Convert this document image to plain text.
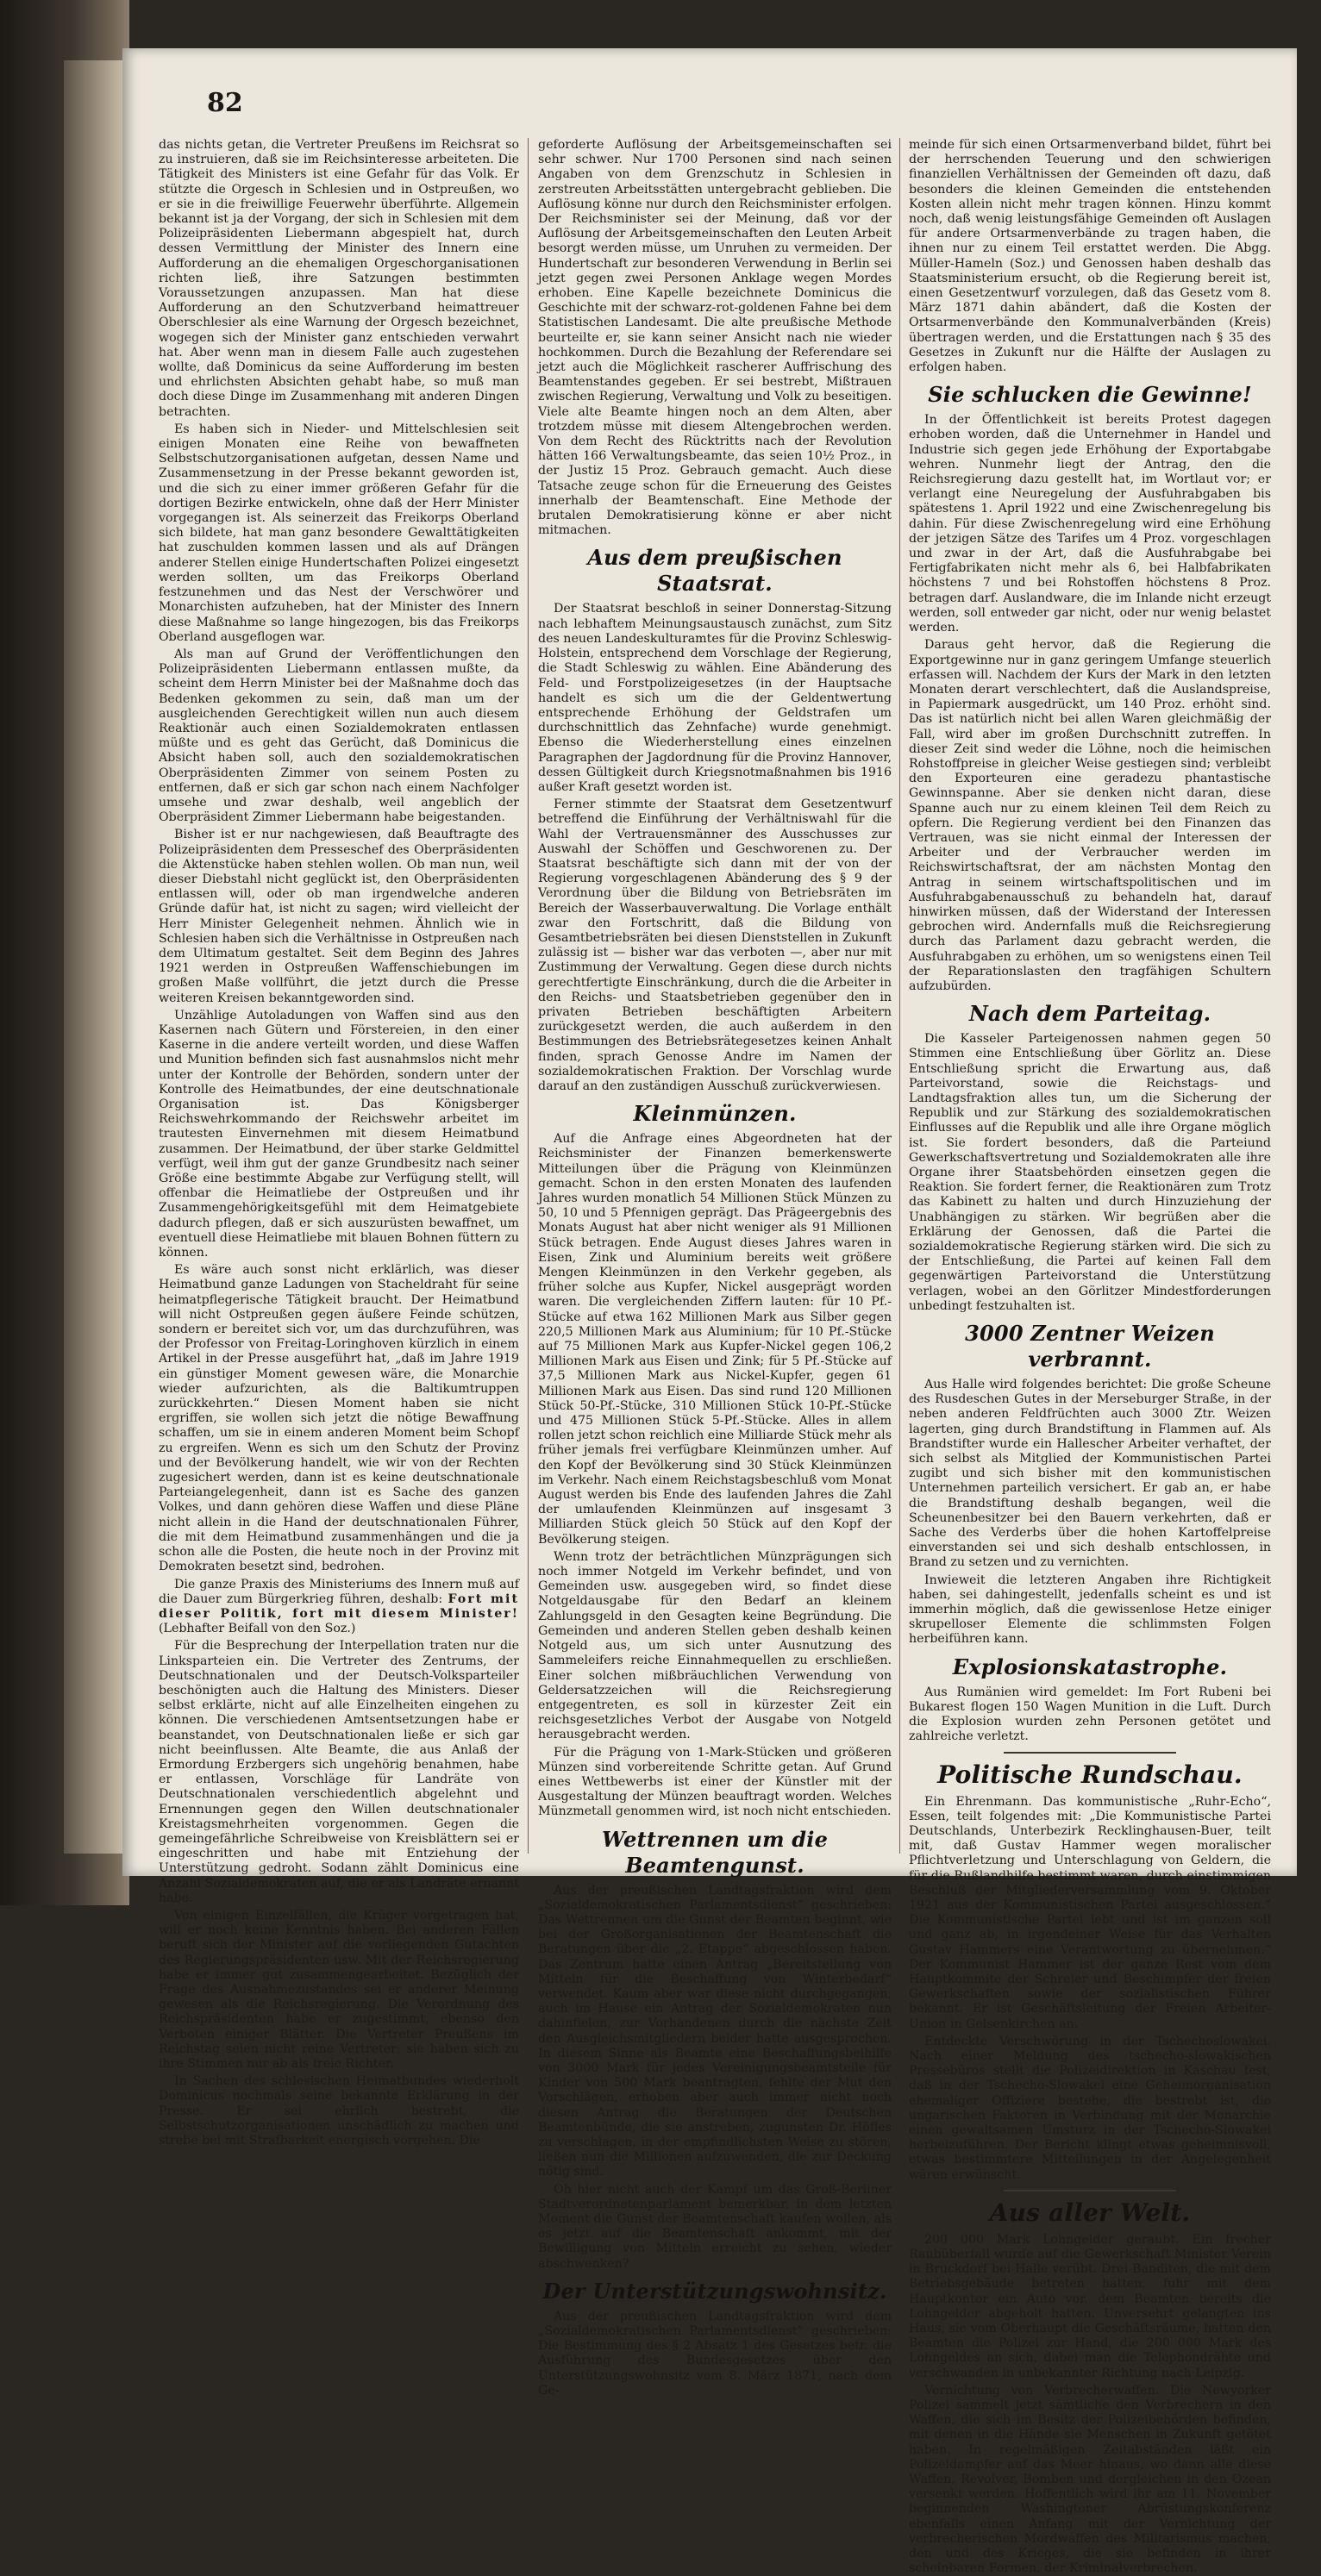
82

das nichts getan, die Vertreter Preußens im Reichsrat so zu instruieren, daß sie im Reichsinteresse arbeiteten. Die Tätigkeit des Ministers ist eine Gefahr für das Volk. Er stützte die Orgesch in Schlesien und in Ostpreußen, wo er sie in die freiwillige Feuerwehr überführte. Allgemein bekannt ist ja der Vorgang, der sich in Schlesien mit dem Polizeipräsidenten Liebermann abgespielt hat, durch dessen Vermittlung der Minister des Innern eine Aufforderung an die ehemaligen Orgeschorganisationen richten ließ, ihre Satzungen bestimmten Voraussetzungen anzupassen. Man hat diese Aufforderung an den Schutzverband heimattreuer Oberschlesier als eine Warnung der Orgesch bezeichnet, wogegen sich der Minister ganz entschieden verwahrt hat. Aber wenn man in diesem Falle auch zugestehen wollte, daß Dominicus da seine Aufforderung im besten und ehrlichsten Absichten gehabt habe, so muß man doch diese Dinge im Zusammenhang mit anderen Dingen betrachten.

Es haben sich in Nieder- und Mittelschlesien seit einigen Monaten eine Reihe von bewaffneten Selbstschutzorganisationen aufgetan, dessen Name und Zusammensetzung in der Presse bekannt geworden ist, und die sich zu einer immer größeren Gefahr für die dortigen Bezirke entwickeln, ohne daß der Herr Minister vorgegangen ist. Als seinerzeit das Freikorps Oberland sich bildete, hat man ganz besondere Gewalttätigkeiten hat zuschulden kommen lassen und als auf Drängen anderer Stellen einige Hundertschaften Polizei eingesetzt werden sollten, um das Freikorps Oberland festzunehmen und das Nest der Verschwörer und Monarchisten aufzuheben, hat der Minister des Innern diese Maßnahme so lange hingezogen, bis das Freikorps Oberland ausgeflogen war.

Als man auf Grund der Veröffentlichungen den Polizeipräsidenten Liebermann entlassen mußte, da scheint dem Herrn Minister bei der Maßnahme doch das Bedenken gekommen zu sein, daß man um der ausgleichenden Gerechtigkeit willen nun auch diesem Reaktionär auch einen Sozialdemokraten entlassen müßte und es geht das Gerücht, daß Dominicus die Absicht haben soll, auch den sozialdemokratischen Oberpräsidenten Zimmer von seinem Posten zu entfernen, daß er sich gar schon nach einem Nachfolger umsehe und zwar deshalb, weil angeblich der Oberpräsident Zimmer Liebermann habe beigestanden.

Bisher ist er nur nachgewiesen, daß Beauftragte des Polizeipräsidenten dem Presseschef des Oberpräsidenten die Aktenstücke haben stehlen wollen. Ob man nun, weil dieser Diebstahl nicht geglückt ist, den Oberpräsidenten entlassen will, oder ob man irgendwelche anderen Gründe dafür hat, ist nicht zu sagen; wird vielleicht der Herr Minister Gelegenheit nehmen. Ähnlich wie in Schlesien haben sich die Verhältnisse in Ostpreußen nach dem Ultimatum gestaltet. Seit dem Beginn des Jahres 1921 werden in Ostpreußen Waffenschiebungen im großen Maße vollführt, die jetzt durch die Presse weiteren Kreisen bekanntgeworden sind.

Unzählige Autoladungen von Waffen sind aus den Kasernen nach Gütern und Förstereien, in den einer Kaserne in die andere verteilt worden, und diese Waffen und Munition befinden sich fast ausnahmslos nicht mehr unter der Kontrolle der Behörden, sondern unter der Kontrolle des Heimatbundes, der eine deutschnationale Organisation ist. Das Königsberger Reichswehrkommando der Reichswehr arbeitet im trautesten Einvernehmen mit diesem Heimatbund zusammen. Der Heimatbund, der über starke Geldmittel verfügt, weil ihm gut der ganze Grundbesitz nach seiner Größe eine bestimmte Abgabe zur Verfügung stellt, will offenbar die Heimatliebe der Ostpreußen und ihr Zusammengehörigkeitsgefühl mit dem Heimatgebiete dadurch pflegen, daß er sich auszurüsten bewaffnet, um eventuell diese Heimatliebe mit blauen Bohnen füttern zu können.

Es wäre auch sonst nicht erklärlich, was dieser Heimatbund ganze Ladungen von Stacheldraht für seine heimatpflegerische Tätigkeit braucht. Der Heimatbund will nicht Ostpreußen gegen äußere Feinde schützen, sondern er bereitet sich vor, um das durchzuführen, was der Professor von Freitag-Loringhoven kürzlich in einem Artikel in der Presse ausgeführt hat, „daß im Jahre 1919 ein günstiger Moment gewesen wäre, die Monarchie wieder aufzurichten, als die Baltikumtruppen zurückkehrten.“ Diesen Moment haben sie nicht ergriffen, sie wollen sich jetzt die nötige Bewaffnung schaffen, um sie in einem anderen Moment beim Schopf zu ergreifen. Wenn es sich um den Schutz der Provinz und der Bevölkerung handelt, wie wir von der Rechten zugesichert werden, dann ist es keine deutschnationale Parteiangelegenheit, dann ist es Sache des ganzen Volkes, und dann gehören diese Waffen und diese Pläne nicht allein in die Hand der deutschnationalen Führer, die mit dem Heimatbund zusammenhängen und die ja schon alle die Posten, die heute noch in der Provinz mit Demokraten besetzt sind, bedrohen.

Die ganze Praxis des Ministeriums des Innern muß auf die Dauer zum Bürgerkrieg führen, deshalb: Fort mit dieser Politik, fort mit diesem Minister! (Lebhafter Beifall von den Soz.)

Für die Besprechung der Interpellation traten nur die Linksparteien ein. Die Vertreter des Zentrums, der Deutschnationalen und der Deutsch-Volksparteiler beschönigten auch die Haltung des Ministers. Dieser selbst erklärte, nicht auf alle Einzelheiten eingehen zu können. Die verschiedenen Amtsentsetzungen habe er beanstandet, von Deutschnationalen ließe er sich gar nicht beeinflussen. Alte Beamte, die aus Anlaß der Ermordung Erzbergers sich ungehörig benahmen, habe er entlassen, Vorschläge für Landräte von Deutschnationalen verschiedentlich abgelehnt und Ernennungen gegen den Willen deutschnationaler Kreistagsmehrheiten vorgenommen. Gegen die gemeingefährliche Schreibweise von Kreisblättern sei er eingeschritten und habe mit Entziehung der Unterstützung gedroht. Sodann zählt Dominicus eine Anzahl Sozialdemokraten auf, die er als Landräte ernannt habe.

Von einigen Einzelfällen, die Krüger vorgetragen hat, will er noch keine Kenntnis haben. Bei anderen Fällen beruft sich der Minister auf die vorliegenden Gutachten des Regierungspräsidenten usw. Mit der Reichsregierung habe er immer gut zusammengearbeitet. Bezüglich der Frage des Ausnahmezustandes sei er anderer Meinung gewesen als die Reichsregierung. Die Verordnung des Reichspräsidenten habe er zugestimmt, ebenso den Verboten einiger Blätter. Die Vertreter Preußens im Reichstag seien nicht reine Vertreter; sie haben sich zu ihre Stimmen nur ab als freie Richter.

In Sachen des schlesischen Heimatbundes wiederholt Dominicus nochmals seine bekannte Erklärung in der Presse. Er sei ehrlich bestrebt, die Selbstschutzorganisationen unschädlich zu machen und strebe bei mit Strafbarkeit energisch vorgehen. Die

geforderte Auflösung der Arbeitsgemeinschaften sei sehr schwer. Nur 1700 Personen sind nach seinen Angaben von dem Grenzschutz in Schlesien in zerstreuten Arbeitsstätten untergebracht geblieben. Die Auflösung könne nur durch den Reichsminister erfolgen. Der Reichsminister sei der Meinung, daß vor der Auflösung der Arbeitsgemeinschaften den Leuten Arbeit besorgt werden müsse, um Unruhen zu vermeiden. Der Hundertschaft zur besonderen Verwendung in Berlin sei jetzt gegen zwei Personen Anklage wegen Mordes erhoben. Eine Kapelle bezeichnete Dominicus die Geschichte mit der schwarz-rot-goldenen Fahne bei dem Statistischen Landesamt. Die alte preußische Methode beurteilte er, sie kann seiner Ansicht nach nie wieder hochkommen. Durch die Bezahlung der Referendare sei jetzt auch die Möglichkeit rascherer Auffrischung des Beamtenstandes gegeben. Er sei bestrebt, Mißtrauen zwischen Regierung, Verwaltung und Volk zu beseitigen. Viele alte Beamte hingen noch an dem Alten, aber trotzdem müsse mit diesem Altengebrochen werden. Von dem Recht des Rücktritts nach der Revolution hätten 166 Verwaltungsbeamte, das seien 10½ Proz., in der Justiz 15 Proz. Gebrauch gemacht. Auch diese Tatsache zeuge schon für die Erneuerung des Geistes innerhalb der Beamtenschaft. Eine Methode der brutalen Demokratisierung könne er aber nicht mitmachen.

Aus dem preußischen Staatsrat.

Der Staatsrat beschloß in seiner Donnerstag-Sitzung nach lebhaftem Meinungsaustausch zunächst, zum Sitz des neuen Landeskulturamtes für die Provinz Schleswig-Holstein, entsprechend dem Vorschlage der Regierung, die Stadt Schleswig zu wählen. Eine Abänderung des Feld- und Forstpolizeigesetzes (in der Hauptsache handelt es sich um die der Geldentwertung entsprechende Erhöhung der Geldstrafen um durchschnittlich das Zehnfache) wurde genehmigt. Ebenso die Wiederherstellung eines einzelnen Paragraphen der Jagdordnung für die Provinz Hannover, dessen Gültigkeit durch Kriegsnotmaßnahmen bis 1916 außer Kraft gesetzt worden ist.

Ferner stimmte der Staatsrat dem Gesetzentwurf betreffend die Einführung der Verhältniswahl für die Wahl der Vertrauensmänner des Ausschusses zur Auswahl der Schöffen und Geschworenen zu. Der Staatsrat beschäftigte sich dann mit der von der Regierung vorgeschlagenen Abänderung des § 9 der Verordnung über die Bildung von Betriebsräten im Bereich der Wasserbauverwaltung. Die Vorlage enthält zwar den Fortschritt, daß die Bildung von Gesamtbetriebsräten bei diesen Dienststellen in Zukunft zulässig ist — bisher war das verboten —, aber nur mit Zustimmung der Verwaltung. Gegen diese durch nichts gerechtfertigte Einschränkung, durch die die Arbeiter in den Reichs- und Staatsbetrieben gegenüber den in privaten Betrieben beschäftigten Arbeitern zurückgesetzt werden, die auch außerdem in den Bestimmungen des Betriebsrätegesetzes keinen Anhalt finden, sprach Genosse Andre im Namen der sozialdemokratischen Fraktion. Der Vorschlag wurde darauf an den zuständigen Ausschuß zurückverwiesen.

Kleinmünzen.

Auf die Anfrage eines Abgeordneten hat der Reichsminister der Finanzen bemerkenswerte Mitteilungen über die Prägung von Kleinmünzen gemacht. Schon in den ersten Monaten des laufenden Jahres wurden monatlich 54 Millionen Stück Münzen zu 50, 10 und 5 Pfennigen geprägt. Das Prägeergebnis des Monats August hat aber nicht weniger als 91 Millionen Stück betragen. Ende August dieses Jahres waren in Eisen, Zink und Aluminium bereits weit größere Mengen Kleinmünzen in den Verkehr gegeben, als früher solche aus Kupfer, Nickel ausgeprägt worden waren. Die vergleichenden Ziffern lauten: für 10 Pf.-Stücke auf etwa 162 Millionen Mark aus Silber gegen 220,5 Millionen Mark aus Aluminium; für 10 Pf.-Stücke auf 75 Millionen Mark aus Kupfer-Nickel gegen 106,2 Millionen Mark aus Eisen und Zink; für 5 Pf.-Stücke auf 37,5 Millionen Mark aus Nickel-Kupfer, gegen 61 Millionen Mark aus Eisen. Das sind rund 120 Millionen Stück 50-Pf.-Stücke, 310 Millionen Stück 10-Pf.-Stücke und 475 Millionen Stück 5-Pf.-Stücke. Alles in allem rollen jetzt schon reichlich eine Milliarde Stück mehr als früher jemals frei verfügbare Kleinmünzen umher. Auf den Kopf der Bevölkerung sind 30 Stück Kleinmünzen im Verkehr. Nach einem Reichstagsbeschluß vom Monat August werden bis Ende des laufenden Jahres die Zahl der umlaufenden Kleinmünzen auf insgesamt 3 Milliarden Stück gleich 50 Stück auf den Kopf der Bevölkerung steigen.

Wenn trotz der beträchtlichen Münzprägungen sich noch immer Notgeld im Verkehr befindet, und von Gemeinden usw. ausgegeben wird, so findet diese Notgeldausgabe für den Bedarf an kleinem Zahlungsgeld in den Gesagten keine Begründung. Die Gemeinden und anderen Stellen geben deshalb keinen Notgeld aus, um sich unter Ausnutzung des Sammeleifers reiche Einnahmequellen zu erschließen. Einer solchen mißbräuchlichen Verwendung von Geldersatzzeichen will die Reichsregierung entgegentreten, es soll in kürzester Zeit ein reichsgesetzliches Verbot der Ausgabe von Notgeld herausgebracht werden.

Für die Prägung von 1-Mark-Stücken und größeren Münzen sind vorbereitende Schritte getan. Auf Grund eines Wettbewerbs ist einer der Künstler mit der Ausgestaltung der Münzen beauftragt worden. Welches Münzmetall genommen wird, ist noch nicht entschieden.

Wettrennen um die Beamtengunst.

Aus der preußischen Landtagsfraktion wird dem „Sozialdemokratischen Parlamentsdienst“ geschrieben: Das Wettrennen um die Gunst der Beamten beginnt, wie bei der Großorganisationen der Beamtenschaft die Beratungen über die „2. Etappe“ abgeschlossen haben. Das Zentrum hatte einen Antrag „Bereitstellung von Mitteln für die Beschaffung von Winterbedarf“ verwendet. Kaum aber war diese nicht durchgegangen, auch im Hause ein Antrag der Sozialdemokraten nun dahinfielen, zur Vorhandenen durch die nächste Zeit den Ausgleichsmitgliedern beider hatte ausgesprochen. In diesem Sinne als Beamte eine Beschaffungsbeihilfe von 3000 Mark für jedes Vereinigungsbeamtsteile für Kinder von 500 Mark beantragten, fehlte der Mut den Vorschlägen, erhoben aber auch immer nicht noch diesen Antrag die Beratungen der Deutschen Beamtenbünde, die sie anstreben, zugunsten Dr. Höfles zu verschlagen, in der empfindlichsten Weise zu stören, ließen nun die Millionen aufzuwenden, die zur Deckung nötig sind.

Oh hier nicht auch der Kampf um das Groß-Berliner Stadtverordnetenparlament bemerkbar, in dem letzten Moment die Gunst der Beamtenschaft kaufen wollen, als es jetzt auf die Beamtenschaft ankommt, mit der Bewilligung von Mitteln erreicht zu sehen, wieder abschwenken?

Der Unterstützungswohnsitz.

Aus der preußischen Landtagsfraktion wird dem „Sozialdemokratischen Parlamentsdienst“ geschrieben: Die Bestimmung des § 2 Absatz 1 des Gesetzes betr. die Ausführung des Bundesgesetzes über den Unterstützungswohnsitz vom 8. März 1871, nach dem Ge-

meinde für sich einen Ortsarmenverband bildet, führt bei der herrschenden Teuerung und den schwierigen finanziellen Verhältnissen der Gemeinden oft dazu, daß besonders die kleinen Gemeinden die entstehenden Kosten allein nicht mehr tragen können. Hinzu kommt noch, daß wenig leistungsfähige Gemeinden oft Auslagen für andere Ortsarmenverbände zu tragen haben, die ihnen nur zu einem Teil erstattet werden. Die Abgg. Müller-Hameln (Soz.) und Genossen haben deshalb das Staatsministerium ersucht, ob die Regierung bereit ist, einen Gesetzentwurf vorzulegen, daß das Gesetz vom 8. März 1871 dahin abändert, daß die Kosten der Ortsarmenverbände den Kommunalverbänden (Kreis) übertragen werden, und die Erstattungen nach § 35 des Gesetzes in Zukunft nur die Hälfte der Auslagen zu erfolgen haben.

Sie schlucken die Gewinne!

In der Öffentlichkeit ist bereits Protest dagegen erhoben worden, daß die Unternehmer in Handel und Industrie sich gegen jede Erhöhung der Exportabgabe wehren. Nunmehr liegt der Antrag, den die Reichsregierung dazu gestellt hat, im Wortlaut vor; er verlangt eine Neuregelung der Ausfuhrabgaben bis spätestens 1. April 1922 und eine Zwischenregelung bis dahin. Für diese Zwischenregelung wird eine Erhöhung der jetzigen Sätze des Tarifes um 4 Proz. vorgeschlagen und zwar in der Art, daß die Ausfuhrabgabe bei Fertigfabrikaten nicht mehr als 6, bei Halbfabrikaten höchstens 7 und bei Rohstoffen höchstens 8 Proz. betragen darf. Auslandware, die im Inlande nicht erzeugt werden, soll entweder gar nicht, oder nur wenig belastet werden.

Daraus geht hervor, daß die Regierung die Exportgewinne nur in ganz geringem Umfange steuerlich erfassen will. Nachdem der Kurs der Mark in den letzten Monaten derart verschlechtert, daß die Auslandspreise, in Papiermark ausgedrückt, um 140 Proz. erhöht sind. Das ist natürlich nicht bei allen Waren gleichmäßig der Fall, wird aber im großen Durchschnitt zutreffen. In dieser Zeit sind weder die Löhne, noch die heimischen Rohstoffpreise in gleicher Weise gestiegen sind; verbleibt den Exporteuren eine geradezu phantastische Gewinnspanne. Aber sie denken nicht daran, diese Spanne auch nur zu einem kleinen Teil dem Reich zu opfern. Die Regierung verdient bei den Finanzen das Vertrauen, was sie nicht einmal der Interessen der Arbeiter und der Verbraucher werden im Reichswirtschaftsrat, der am nächsten Montag den Antrag in seinem wirtschaftspolitischen und im Ausfuhrabgabenausschuß zu behandeln hat, darauf hinwirken müssen, daß der Widerstand der Interessen gebrochen wird. Andernfalls muß die Reichsregierung durch das Parlament dazu gebracht werden, die Ausfuhrabgaben zu erhöhen, um so wenigstens einen Teil der Reparationslasten den tragfähigen Schultern aufzubürden.

Nach dem Parteitag.

Die Kasseler Parteigenossen nahmen gegen 50 Stimmen eine Entschließung über Görlitz an. Diese Entschließung spricht die Erwartung aus, daß Parteivorstand, sowie die Reichstags- und Landtagsfraktion alles tun, um die Sicherung der Republik und zur Stärkung des sozialdemokratischen Einflusses auf die Republik und alle ihre Organe möglich ist. Sie fordert besonders, daß die Parteiund Gewerkschaftsvertretung und Sozialdemokraten alle ihre Organe ihrer Staatsbehörden einsetzen gegen die Reaktion. Sie fordert ferner, die Reaktionären zum Trotz das Kabinett zu halten und durch Hinzuziehung der Unabhängigen zu stärken. Wir begrüßen aber die Erklärung der Genossen, daß die Partei die sozialdemokratische Regierung stärken wird. Die sich zu der Entschließung, die Partei auf keinen Fall dem gegenwärtigen Parteivorstand die Unterstützung verlagen, wobei an den Görlitzer Mindestforderungen unbedingt festzuhalten ist.

3000 Zentner Weizen verbrannt.

Aus Halle wird folgendes berichtet: Die große Scheune des Rusdeschen Gutes in der Merseburger Straße, in der neben anderen Feldfrüchten auch 3000 Ztr. Weizen lagerten, ging durch Brandstiftung in Flammen auf. Als Brandstifter wurde ein Hallescher Arbeiter verhaftet, der sich selbst als Mitglied der Kommunistischen Partei zugibt und sich bisher mit den kommunistischen Unternehmen parteilich versichert. Er gab an, er habe die Brandstiftung deshalb begangen, weil die Scheunenbesitzer bei den Bauern verkehrten, daß er Sache des Verderbs über die hohen Kartoffelpreise einverstanden sei und sich deshalb entschlossen, in Brand zu setzen und zu vernichten.

Inwieweit die letzteren Angaben ihre Richtigkeit haben, sei dahingestellt, jedenfalls scheint es und ist immerhin möglich, daß die gewissenlose Hetze einiger skrupelloser Elemente die schlimmsten Folgen herbeiführen kann.

Explosionskatastrophe.

Aus Rumänien wird gemeldet: Im Fort Rubeni bei Bukarest flogen 150 Wagen Munition in die Luft. Durch die Explosion wurden zehn Personen getötet und zahlreiche verletzt.

Politische Rundschau.

Ein Ehrenmann. Das kommunistische „Ruhr-Echo“, Essen, teilt folgendes mit: „Die Kommunistische Partei Deutschlands, Unterbezirk Recklinghausen-Buer, teilt mit, daß Gustav Hammer wegen moralischer Pflichtverletzung und Unterschlagung von Geldern, die für die Rußlandhilfe bestimmt waren, durch einstimmigen Beschluß der Mitgliederversammlung vom 9. Oktober 1921 aus der Kommunistischen Partei ausgeschlossen.“ Die Kommunistische Partei lebt und ist im ganzen soll und ganz ab, in irgendeiner Weise für das Verhalten Gustav Hammers eine Verantwortung zu übernehmen.“ Der Kommunist Hammer ist der ganze Rest vom dem Hauptkommite der Schreier und Beschimpfer der freien Gewerkschaften sowie der sozialistischen Führer bekannt. Er ist Geschäftsleitung der Freien Arbeiter-Union in Gelsenkirchen an.

Entdeckte Verschwörung in der Tschechoslowakei. Nach einer Meldung des tschecho-slowakischen Pressebüros stellt die Polizeidirektion in Kaschau fest, daß in der Tschecho-Slowakei eine Geheimorganisation ehemaliger Offiziere bestehe, die bestrebt ist, die ungarischen Faktoren in Verbindung mit der Monarchie einen gewaltsamen Umsturz in der Tschecho-Slowakei herbeizuführen. Der Bericht klingt etwas geheimnisvoll, etwas bestimmtere Mitteilungen in der Angelegenheit wären erwünscht.

Aus aller Welt.

200 000 Mark Lohngelder geraubt. Ein frecher Raubüberfall wurde auf die Gewerkschaft Minister Verein in Bruckdorf bei Halle verübt. Drei Banditen, die mit dem Betriebsgebäude betreten hatten, fuhr mit dem Hauptkontor ein Auto vor, dem Beamten bereits die Lohngelder abgeholt hatten. Unversehrt gelangten ins Haus, sie vom Oberhaupt die Geschäftsräume, hatten den Beamten die Polizei zur Hand, die 200 000 Mark des Lohngeldes an sich, dabei man die Telephondrähte und verschwanden in unbekannter Richtung nach Leipzig.

Vernichtung von Verbrecherwaffen. Die Newyorker Polizei sammelt jetzt sämtliche den Verbrechern in den Waffen, die sich im Besitz der Polizeibehörden befinden, mit denen in die Hände sie Menschen in Zukunft getötet haben. In regelmäßigen Zeitabständen läßt ein Polizeidampfer auf das Meer hinaus, wo dann alle diese Waffen, Revolver, Bomben und dergleichen in den Ozean versenkt werden. Hoffentlich wird ihr am 11. November beginnenden Washingtoner Abrüstungskonferenz ebenfalls einen Anfang mit der Vernichtung der verbrecherischen Mordwaffen des Militarismus machen, den und des Krieges, die sie befinden in ihrer scheinbaren Formen, der Kriminalverbrechen.
